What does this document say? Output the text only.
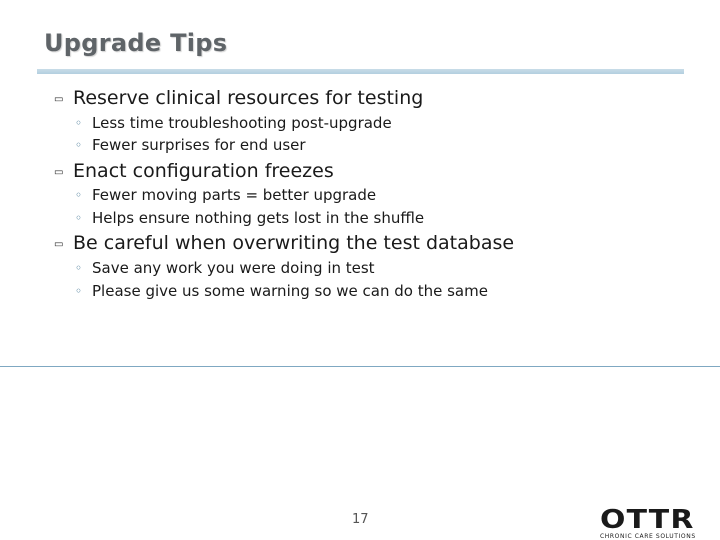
Upgrade Tips
▭ Reserve clinical resources for testing
◦ Less time troubleshooting post-upgrade
◦ Fewer surprises for end user
▭ Enact configuration freezes
◦ Fewer moving parts = better upgrade
◦ Helps ensure nothing gets lost in the shuffle
▭ Be careful when overwriting the test database
◦ Save any work you were doing in test
◦ Please give us some warning so we can do the same
17	OTTR
CHRONIC CARE SOLUTIONS
